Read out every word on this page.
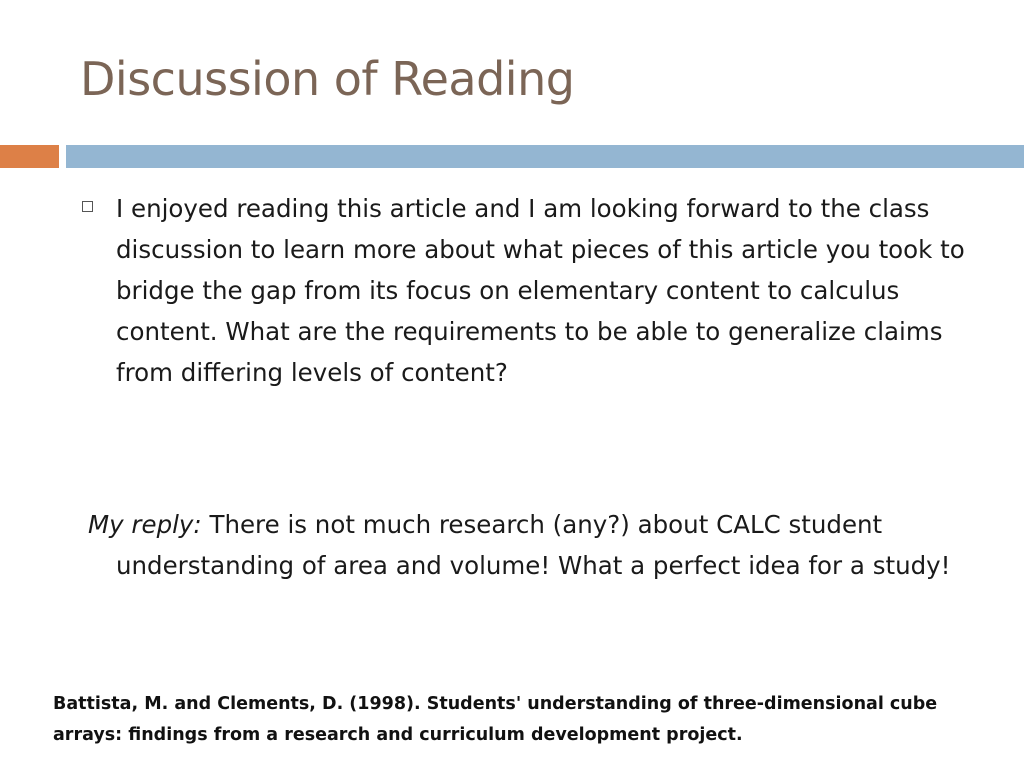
Discussion of Reading
I enjoyed reading this article and I am looking forward to the class discussion to learn more about what pieces of this article you took to bridge the gap from its focus on elementary content to calculus content. What are the requirements to be able to generalize claims from differing levels of content?
My reply: There is not much research (any?) about CALC student understanding of area and volume! What a perfect idea for a study!
Battista, M. and Clements, D. (1998). Students' understanding of three-dimensional cube arrays: findings from a research and curriculum development project.
